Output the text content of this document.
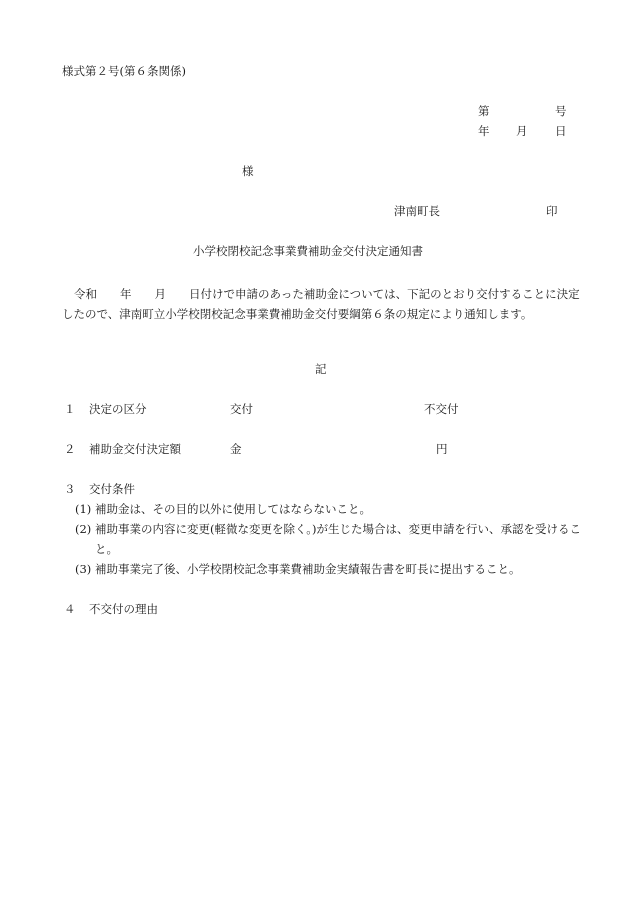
様式第２号(第６条関係)
第	号
年 月 日
様
津南町長	印
小学校閉校記念事業費補助金交付決定通知書
令和　　年　　月　　日付けで申請のあった補助金については、下記のとおり交付することに決定したので、津南町立小学校閉校記念事業費補助金交付要綱第６条の規定により通知します。
記
１ 決定の区分	交付	不交付
２ 補助金交付決定額	金	円
３ 交付条件
(1) 補助金は、その目的以外に使用してはならないこと。
(2) 補助事業の内容に変更(軽微な変更を除く。)が生じた場合は、変更申請を行い、承認を受けること。
(3) 補助事業完了後、小学校閉校記念事業費補助金実績報告書を町長に提出すること。
４ 不交付の理由
